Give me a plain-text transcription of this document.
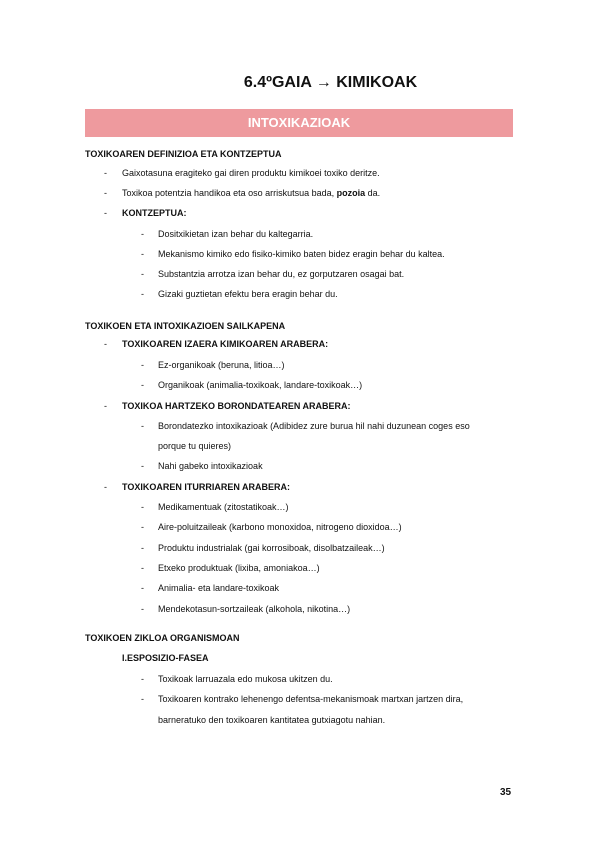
6.4ºGAIA → KIMIKOAK
INTOXIKAZIOAK
TOXIKOAREN DEFINIZIOA ETA KONTZEPTUA
- Gaixotasuna eragiteko gai diren produktu kimikoei toxiko deritze.
- Toxikoa potentzia handikoa eta oso arriskutsua bada, pozoia da.
- KONTZEPTUA:
- Dositxikietan izan behar du kaltegarria.
- Mekanismo kimiko edo fisiko-kimiko baten bidez eragin behar du kaltea.
- Substantzia arrotza izan behar du, ez gorputzaren osagai bat.
- Gizaki guztietan efektu bera eragin behar du.
TOXIKOEN ETA INTOXIKAZIOEN SAILKAPENA
- TOXIKOAREN IZAERA KIMIKOAREN ARABERA:
- Ez-organikoak (beruna, litioa…)
- Organikoak (animalia-toxikoak, landare-toxikoak…)
- TOXIKOA HARTZEKO BORONDATEAREN ARABERA:
- Borondatezko intoxikazioak (Adibidez zure burua hil nahi duzunean coges eso
porque tu quieres)
- Nahi gabeko intoxikazioak
- TOXIKOAREN ITURRIAREN ARABERA:
- Medikamentuak (zitostatikoak…)
- Aire-poluitzaileak (karbono monoxidoa, nitrogeno dioxidoa…)
- Produktu industrialak (gai korrosiboak, disolbatzaileak…)
- Etxeko produktuak (lixiba, amoniakoa…)
- Animalia- eta landare-toxikoak
- Mendekotasun-sortzaileak (alkohola, nikotina…)
TOXIKOEN ZIKLOA ORGANISMOAN
I.ESPOSIZIO-FASEA
- Toxikoak larruazala edo mukosa ukitzen du.
- Toxikoaren kontrako lehenengo defentsa-mekanismoak martxan jartzen dira,
barneratuko den toxikoaren kantitatea gutxiagotu nahian.
35
